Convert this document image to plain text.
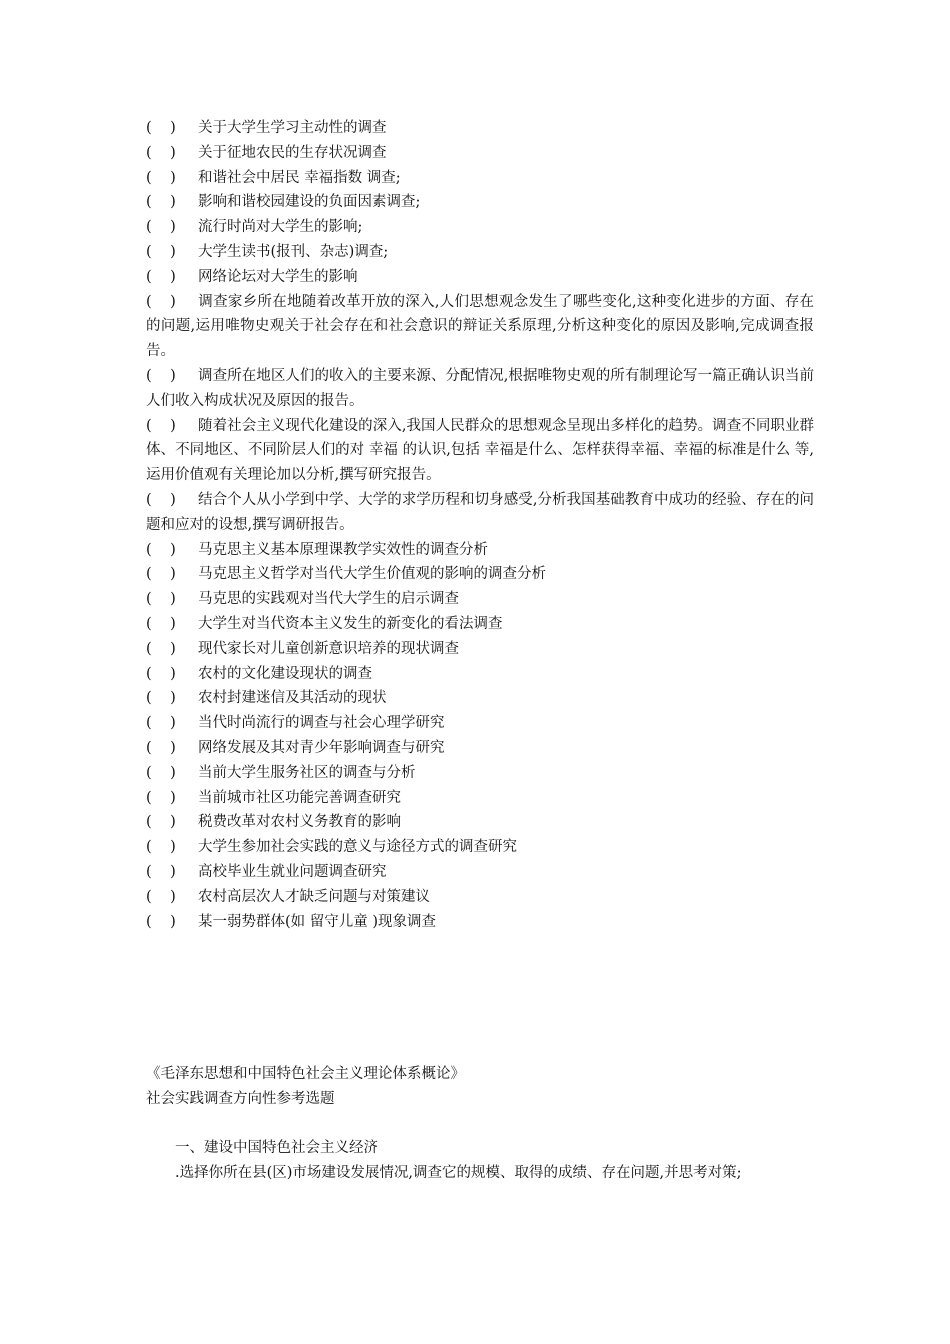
(    ) 关于大学生学习主动性的调查

(    ) 关于征地农民的生存状况调查

(    ) 和谐社会中居民 幸福指数 调查;

(    ) 影响和谐校园建设的负面因素调查;

(    ) 流行时尚对大学生的影响;

(    ) 大学生读书(报刊、杂志)调查;

(    ) 网络论坛对大学生的影响

(    ) 调查家乡所在地随着改革开放的深入,人们思想观念发生了哪些变化,这种变化进步的方面、存在的问题,运用唯物史观关于社会存在和社会意识的辩证关系原理,分析这种变化的原因及影响,完成调查报告。

(    ) 调查所在地区人们的收入的主要来源、分配情况,根据唯物史观的所有制理论写一篇正确认识当前人们收入构成状况及原因的报告。

(    ) 随着社会主义现代化建设的深入,我国人民群众的思想观念呈现出多样化的趋势。调查不同职业群体、不同地区、不同阶层人们的对 幸福 的认识,包括 幸福是什么、怎样获得幸福、幸福的标准是什么 等,运用价值观有关理论加以分析,撰写研究报告。

(    ) 结合个人从小学到中学、大学的求学历程和切身感受,分析我国基础教育中成功的经验、存在的问题和应对的设想,撰写调研报告。

(    ) 马克思主义基本原理课教学实效性的调查分析

(    ) 马克思主义哲学对当代大学生价值观的影响的调查分析

(    ) 马克思的实践观对当代大学生的启示调查

(    ) 大学生对当代资本主义发生的新变化的看法调查

(    ) 现代家长对儿童创新意识培养的现状调查

(    ) 农村的文化建设现状的调查

(    ) 农村封建迷信及其活动的现状

(    ) 当代时尚流行的调查与社会心理学研究

(    ) 网络发展及其对青少年影响调查与研究

(    ) 当前大学生服务社区的调查与分析

(    ) 当前城市社区功能完善调查研究

(    ) 税费改革对农村义务教育的影响

(    ) 大学生参加社会实践的意义与途径方式的调查研究

(    ) 高校毕业生就业问题调查研究

(    ) 农村高层次人才缺乏问题与对策建议

(    ) 某一弱势群体(如 留守儿童 )现象调查

《毛泽东思想和中国特色社会主义理论体系概论》

社会实践调查方向性参考选题

一、建设中国特色社会主义经济

.选择你所在县(区)市场建设发展情况,调查它的规模、取得的成绩、存在问题,并思考对策;
